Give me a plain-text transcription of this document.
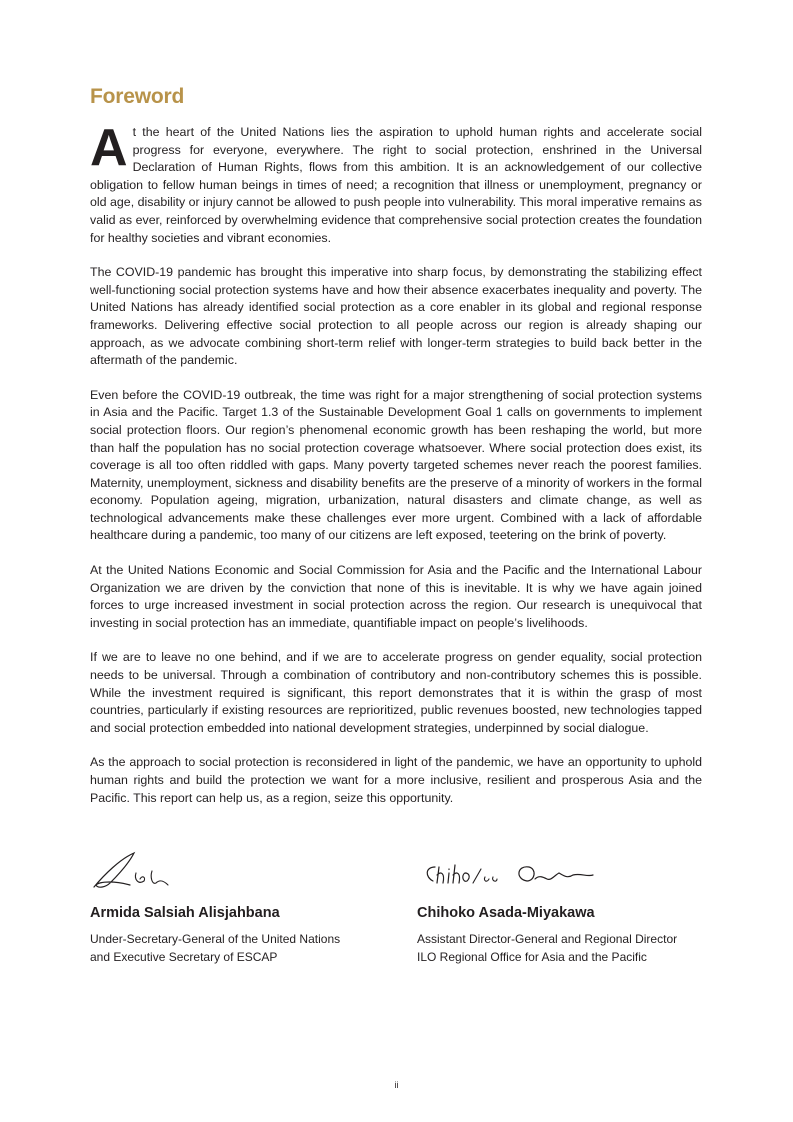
Foreword

At the heart of the United Nations lies the aspiration to uphold human rights and accelerate social progress for everyone, everywhere. The right to social protection, enshrined in the Universal Declaration of Human Rights, flows from this ambition. It is an acknowledgement of our collective obligation to fellow human beings in times of need; a recognition that illness or unemployment, pregnancy or old age, disability or injury cannot be allowed to push people into vulnerability. This moral imperative remains as valid as ever, reinforced by overwhelming evidence that comprehensive social protection creates the foundation for healthy societies and vibrant economies.

The COVID-19 pandemic has brought this imperative into sharp focus, by demonstrating the stabilizing effect well-functioning social protection systems have and how their absence exacerbates inequality and poverty. The United Nations has already identified social protection as a core enabler in its global and regional response frameworks. Delivering effective social protection to all people across our region is already shaping our approach, as we advocate combining short-term relief with longer-term strategies to build back better in the aftermath of the pandemic.

Even before the COVID-19 outbreak, the time was right for a major strengthening of social protection systems in Asia and the Pacific. Target 1.3 of the Sustainable Development Goal 1 calls on governments to implement social protection floors. Our region’s phenomenal economic growth has been reshaping the world, but more than half the population has no social protection coverage whatsoever. Where social protection does exist, its coverage is all too often riddled with gaps. Many poverty targeted schemes never reach the poorest families. Maternity, unemployment, sickness and disability benefits are the preserve of a minority of workers in the formal economy. Population ageing, migration, urbanization, natural disasters and climate change, as well as technological advancements make these challenges ever more urgent. Combined with a lack of affordable healthcare during a pandemic, too many of our citizens are left exposed, teetering on the brink of poverty.

At the United Nations Economic and Social Commission for Asia and the Pacific and the International Labour Organization we are driven by the conviction that none of this is inevitable. It is why we have again joined forces to urge increased investment in social protection across the region. Our research is unequivocal that investing in social protection has an immediate, quantifiable impact on people’s livelihoods.

If we are to leave no one behind, and if we are to accelerate progress on gender equality, social protection needs to be universal. Through a combination of contributory and non-contributory schemes this is possible. While the investment required is significant, this report demonstrates that it is within the grasp of most countries, particularly if existing resources are reprioritized, public revenues boosted, new technologies tapped and social protection embedded into national development strategies, underpinned by social dialogue.

As the approach to social protection is reconsidered in light of the pandemic, we have an opportunity to uphold human rights and build the protection we want for a more inclusive, resilient and prosperous Asia and the Pacific. This report can help us, as a region, seize this opportunity.

Armida Salsiah Alisjahbana
Under-Secretary-General of the United Nations
and Executive Secretary of ESCAP
Chihoko Asada-Miyakawa
Assistant Director-General and Regional Director
ILO Regional Office for Asia and the Pacific
ii
